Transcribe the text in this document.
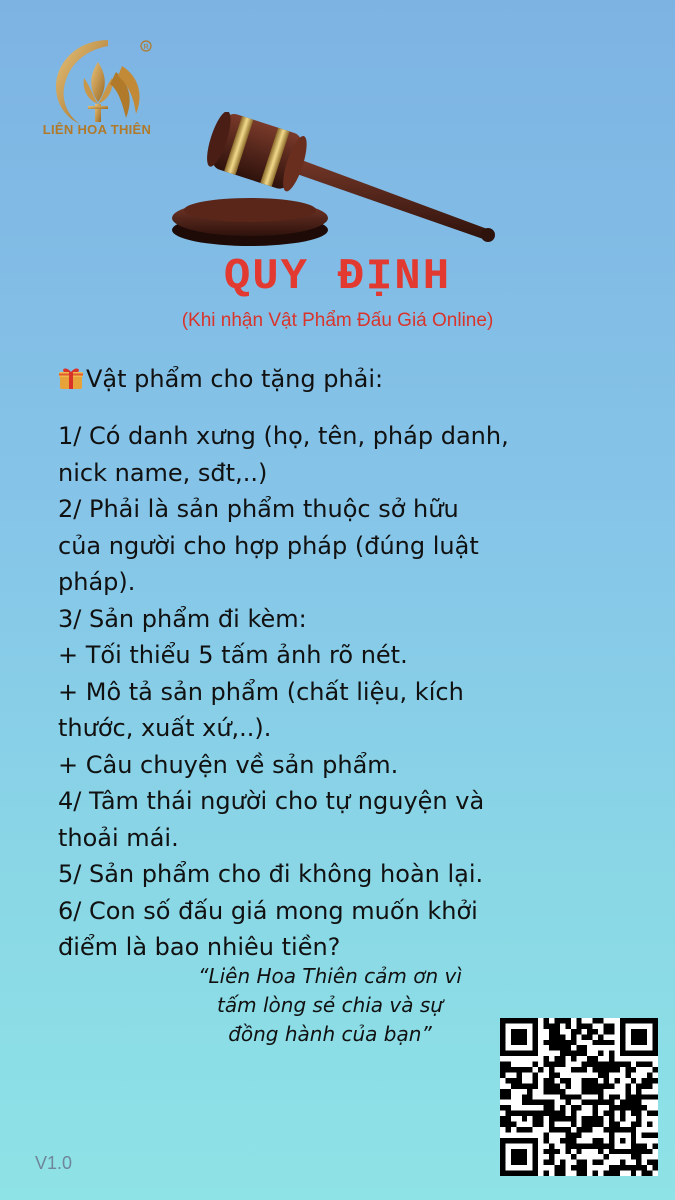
R
LIÊN HOA THIÊN
QUY ĐỊNH
(Khi nhận Vật Phẩm Đấu Giá Online)
Vật phẩm cho tặng phải:
1/ Có danh xưng (họ, tên, pháp danh,
nick name, sđt,..)
2/ Phải là sản phẩm thuộc sở hữu
của người cho hợp pháp (đúng luật
pháp).
3/ Sản phẩm đi kèm:
+ Tối thiểu 5 tấm ảnh rõ nét.
+ Mô tả sản phẩm (chất liệu, kích
thước, xuất xứ,..).
+ Câu chuyện về sản phẩm.
4/ Tâm thái người cho tự nguyện và
thoải mái.
5/ Sản phẩm cho đi không hoàn lại.
6/ Con số đấu giá mong muốn khởi
điểm là bao nhiêu tiền?
“Liên Hoa Thiên cảm ơn vì
tấm lòng sẻ chia và sự
đồng hành của bạn”
V1.0
